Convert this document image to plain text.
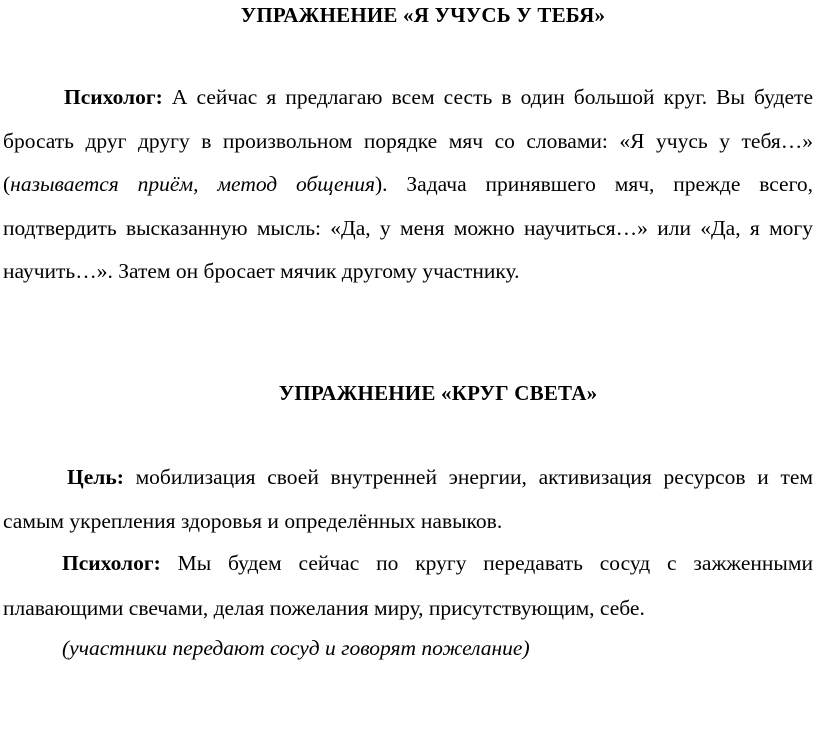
УПРАЖНЕНИЕ «Я УЧУСЬ У ТЕБЯ»

Психолог: А сейчас я предлагаю всем сесть в один большой круг. Вы будете бросать друг другу в произвольном порядке мяч со словами: «Я учусь у тебя…» (называется приём, метод общения). Задача принявшего мяч, прежде всего, подтвердить высказанную мысль: «Да, у меня можно научиться…» или «Да, я могу научить…». Затем он бросает мячик другому участнику.

УПРАЖНЕНИЕ «КРУГ СВЕТА»

Цель: мобилизация своей внутренней энергии, активизация ресурсов и тем самым укрепления здоровья и определённых навыков.

Психолог: Мы будем сейчас по кругу передавать сосуд с зажженными плавающими свечами, делая пожелания миру, присутствующим, себе.

(участники передают сосуд и говорят пожелание)
